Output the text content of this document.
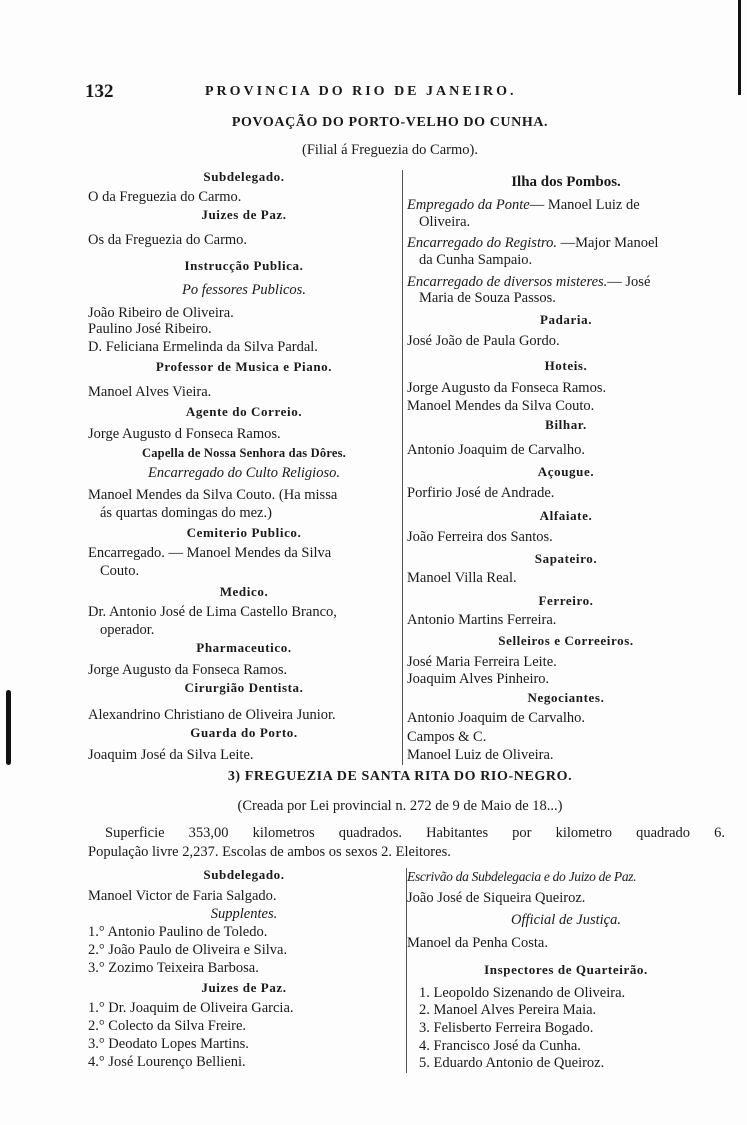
132	PROVINCIA DO RIO DE JANEIRO.
POVOAÇÃO DO PORTO-VELHO DO CUNHA.
(Filial á Freguezia do Carmo).
Subdelegado.
O da Freguezia do Carmo.
Juizes de Paz.
Os da Freguezia do Carmo.
Instrucção Publica.
Po fessores Publicos.
João Ribeiro de Oliveira.
Paulino José Ribeiro.
D. Feliciana Ermelinda da Silva Pardal.
Professor de Musica e Piano.
Manoel Alves Vieira.
Agente do Correio.
Jorge Augusto d Fonseca Ramos.
Capella de Nossa Senhora das Dôres.
Encarregado do Culto Religioso.
Manoel Mendes da Silva Couto. (Ha missa
ás quartas domingas do mez.)
Cemiterio Publico.
Encarregado. — Manoel Mendes da Silva
Couto.
Medico.
Dr. Antonio José de Lima Castello Branco,
operador.
Pharmaceutico.
Jorge Augusto da Fonseca Ramos.
Cirurgião Dentista.
Alexandrino Christiano de Oliveira Junior.
Guarda do Porto.
Joaquim José da Silva Leite.
Ilha dos Pombos.
Empregado da Ponte— Manoel Luiz de
Oliveira.
Encarregado do Registro. —Major Manoel
da Cunha Sampaio.
Encarregado de diversos misteres.— José
Maria de Souza Passos.
Padaria.
José João de Paula Gordo.
Hoteis.
Jorge Augusto da Fonseca Ramos.
Manoel Mendes da Silva Couto.
Bilhar.
Antonio Joaquim de Carvalho.
Açougue.
Porfirio José de Andrade.
Alfaiate.
João Ferreira dos Santos.
Sapateiro.
Manoel Villa Real.
Ferreiro.
Antonio Martins Ferreira.
Selleiros e Correeiros.
José Maria Ferreira Leite.
Joaquim Alves Pinheiro.
Negociantes.
Antonio Joaquim de Carvalho.
Campos & C.
Manoel Luiz de Oliveira.
3) FREGUEZIA DE SANTA RITA DO RIO-NEGRO.
(Creada por Lei provincial n. 272 de 9 de Maio de 18...)
Superficie 353,00 kilometros quadrados. Habitantes por kilometro quadrado 6.
População livre 2,237. Escolas de ambos os sexos 2. Eleitores.
Subdelegado.
Manoel Victor de Faria Salgado.
Supplentes.
1.° Antonio Paulino de Toledo.
2.° João Paulo de Oliveira e Silva.
3.° Zozimo Teixeira Barbosa.
Juizes de Paz.
1.° Dr. Joaquim de Oliveira Garcia.
2.° Colecto da Silva Freire.
3.° Deodato Lopes Martins.
4.° José Lourenço Bellieni.
Escrivão da Subdelegacia e do Juizo de Paz.
João José de Siqueira Queiroz.
Official de Justiça.
Manoel da Penha Costa.
Inspectores de Quarteirão.
1. Leopoldo Sizenando de Oliveira.
2. Manoel Alves Pereira Maia.
3. Felisberto Ferreira Bogado.
4. Francisco José da Cunha.
5. Eduardo Antonio de Queiroz.
